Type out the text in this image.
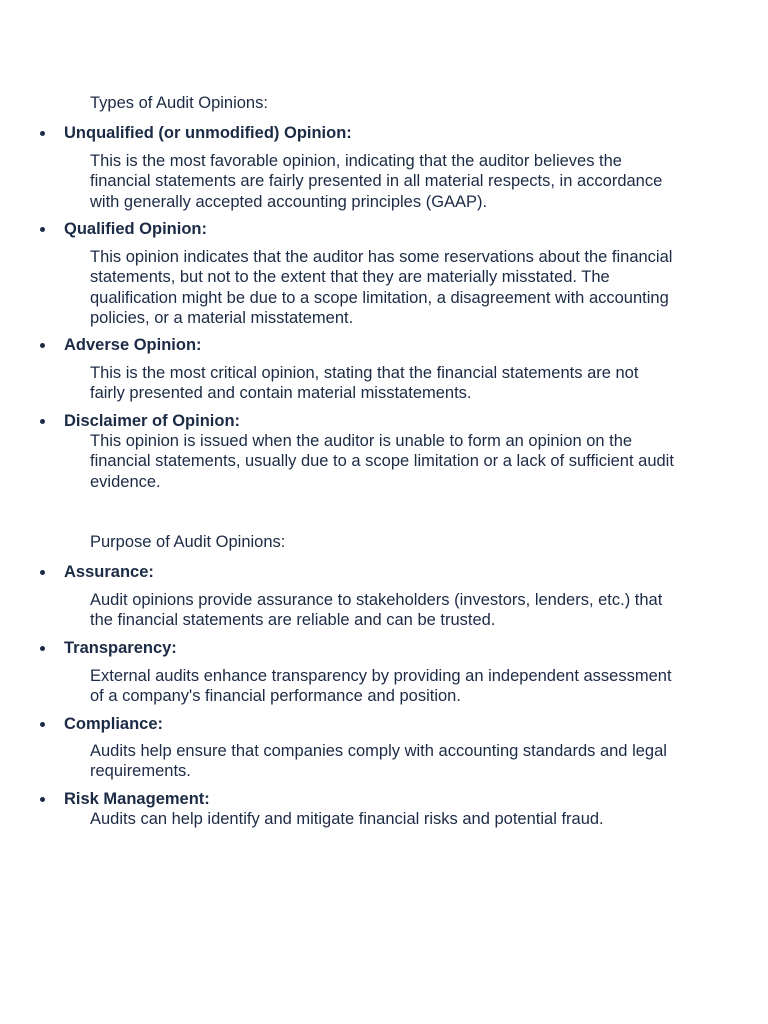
Types of Audit Opinions:

Unqualified (or unmodified) Opinion:

This is the most favorable opinion, indicating that the auditor believes the financial statements are fairly presented in all material respects, in accordance with generally accepted accounting principles (GAAP).

Qualified Opinion:

This opinion indicates that the auditor has some reservations about the financial statements, but not to the extent that they are materially misstated. The qualification might be due to a scope limitation, a disagreement with accounting policies, or a material misstatement.

Adverse Opinion:

This is the most critical opinion, stating that the financial statements are not fairly presented and contain material misstatements.

Disclaimer of Opinion:

This opinion is issued when the auditor is unable to form an opinion on the financial statements, usually due to a scope limitation or a lack of sufficient audit evidence.

Purpose of Audit Opinions:

Assurance:

Audit opinions provide assurance to stakeholders (investors, lenders, etc.) that the financial statements are reliable and can be trusted.

Transparency:

External audits enhance transparency by providing an independent assessment of a company's financial performance and position.

Compliance:

Audits help ensure that companies comply with accounting standards and legal requirements.

Risk Management:

Audits can help identify and mitigate financial risks and potential fraud.
